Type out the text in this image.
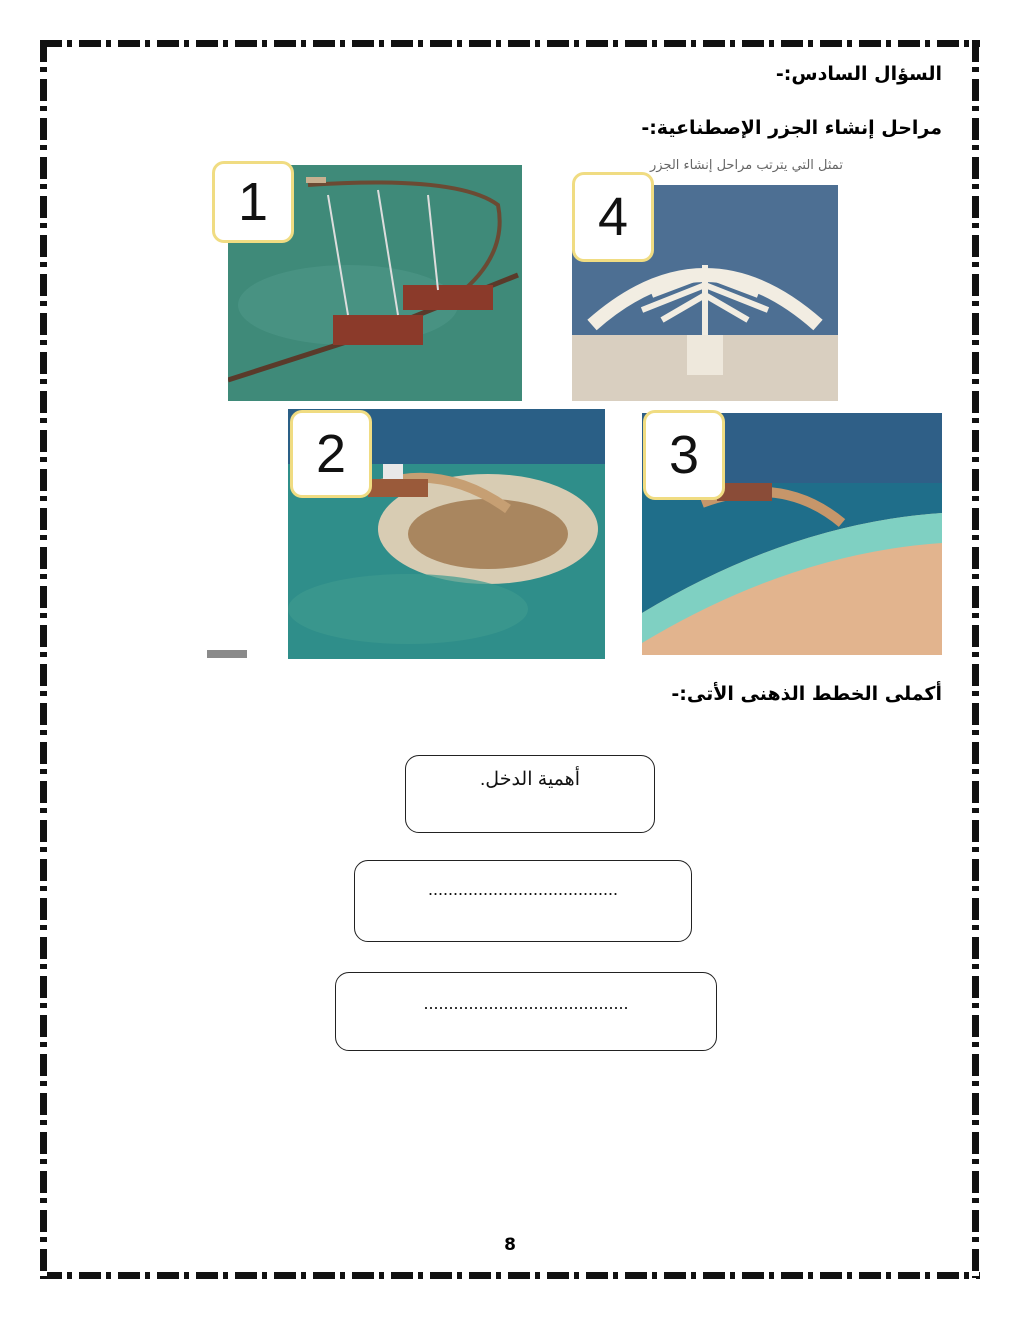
السؤال السادس:-
مراحل إنشاء الجزر الإصطناعية:-
تمثل التي يترتب مراحل إنشاء الجزر
1	4
2	3
أكملى الخطط الذهنى الأتى:-
أهمية الدخل.
......................................
.........................................
8
